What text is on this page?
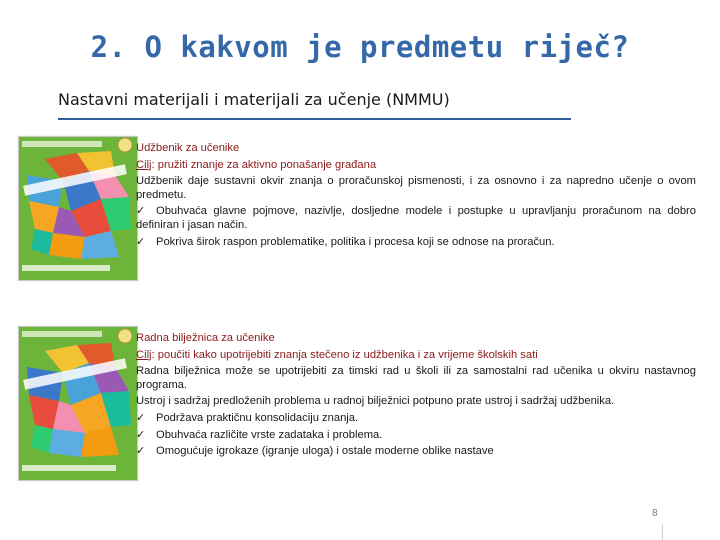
2. O kakvom je predmetu riječ?
Nastavni materijali i materijali za učenje (NMMU)

Udžbenik za učenike

Cilj: pružiti znanje za aktivno ponašanje građana

Udžbenik daje sustavni okvir znanja o proračunskoj pismenosti, i za osnovno i za napredno učenje o ovom predmetu.

✓ Obuhvaća glavne pojmove, nazivlje, dosljedne modele i postupke u upravljanju proračunom na dobro definiran i jasan način.

✓ Pokriva širok raspon problematike, politika i procesa koji se odnose na proračun.

Radna bilježnica za učenike

Cilj: poučiti kako upotrijebiti znanja stečeno iz udžbenika i za vrijeme školskih sati

Radna bilježnica može se upotrijebiti za timski rad u školi ili za samostalni rad učenika u okviru nastavnog programa.

Ustroj i sadržaj predloženih problema u radnoj bilježnici potpuno prate ustroj i sadržaj udžbenika.

✓ Podržava praktičnu konsolidaciju znanja.

✓ Obuhvaća različite vrste zadataka i problema.

✓ Omogućuje igrokaze (igranje uloga) i ostale moderne oblike nastave

8
